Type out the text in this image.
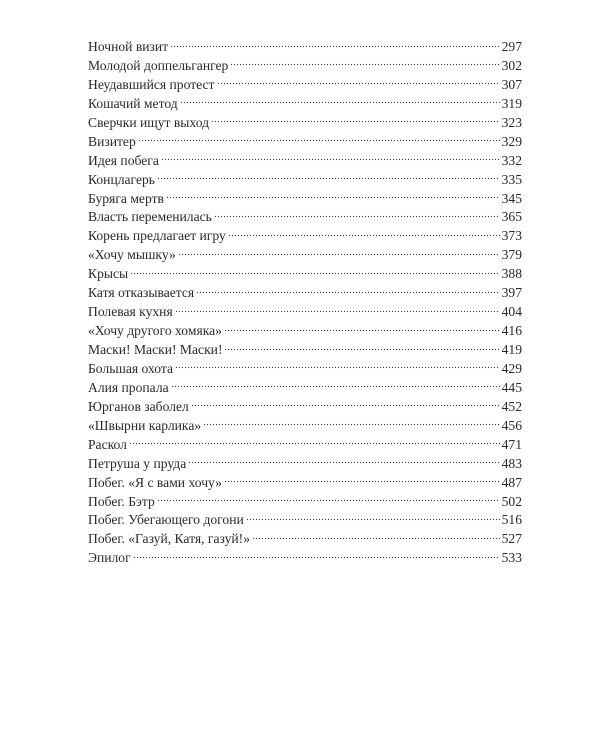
Ночной визит	297
Молодой доппельгангер	302
Неудавшийся протест	307
Кошачий метод	319
Сверчки ищут выход	323
Визитер	329
Идея побега	332
Концлагерь	335
Буряга мертв	345
Власть переменилась	365
Корень предлагает игру	373
«Хочу мышку»	379
Крысы	388
Катя отказывается	397
Полевая кухня	404
«Хочу другого хомяка»	416
Маски! Маски! Маски!	419
Большая охота	429
Алия пропала	445
Юрганов заболел	452
«Швырни карлика»	456
Раскол	471
Петруша у пруда	483
Побег. «Я с вами хочу»	487
Побег. Бэтр	502
Побег. Убегающего догони	516
Побег. «Газуй, Катя, газуй!»	527
Эпилог	533
